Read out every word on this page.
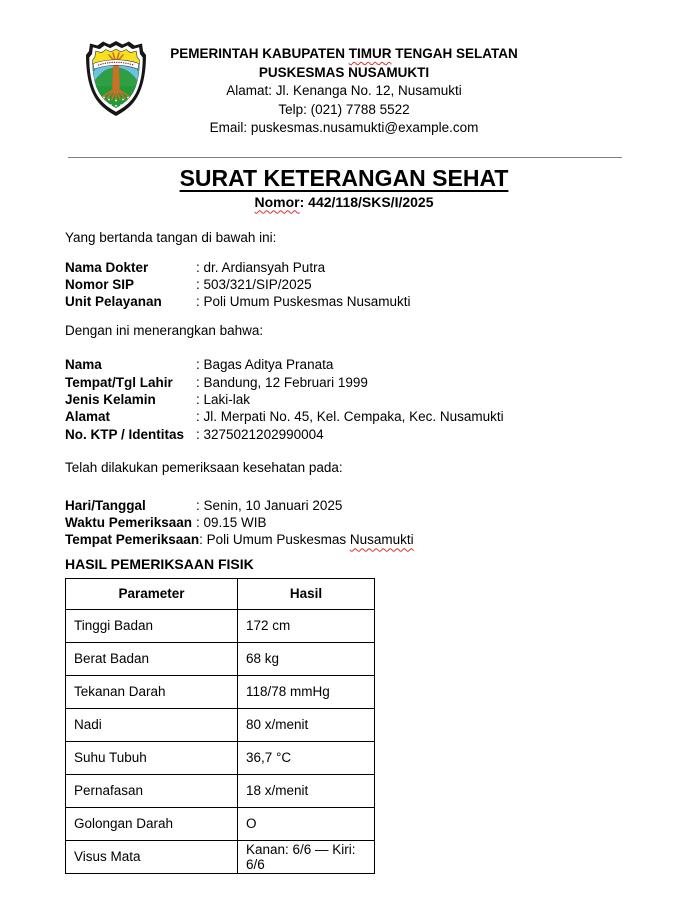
PEMERINTAH KABUPATEN TIMUR TENGAH SELATAN
PUSKESMAS NUSAMUKTI
Alamat: Jl. Kenanga No. 12, Nusamukti
Telp: (021) 7788 5522
Email: puskesmas.nusamukti@example.com
SURAT KETERANGAN SEHAT
Nomor: 442/118/SKS/I/2025
Yang bertanda tangan di bawah ini:
Nama Dokter	: dr. Ardiansyah Putra
Nomor SIP	: 503/321/SIP/2025
Unit Pelayanan	: Poli Umum Puskesmas Nusamukti
Dengan ini menerangkan bahwa:
Nama	: Bagas Aditya Pranata
Tempat/Tgl Lahir	: Bandung, 12 Februari 1999
Jenis Kelamin	: Laki-lak
Alamat	: Jl. Merpati No. 45, Kel. Cempaka, Kec. Nusamukti
No. KTP / Identitas : 3275021202990004
Telah dilakukan pemeriksaan kesehatan pada:
Hari/Tanggal	: Senin, 10 Januari 2025
Waktu Pemeriksaan : 09.15 WIB
Tempat Pemeriksaan : Poli Umum Puskesmas Nusamukti
HASIL PEMERIKSAAN FISIK
Parameter	Hasil
Tinggi Badan	172 cm
Berat Badan	68 kg
Tekanan Darah	118/78 mmHg
Nadi	80 x/menit
Suhu Tubuh	36,7 °C
Pernafasan	18 x/menit
Golongan Darah	O
Visus Mata	Kanan: 6/6 — Kiri: 6/6
